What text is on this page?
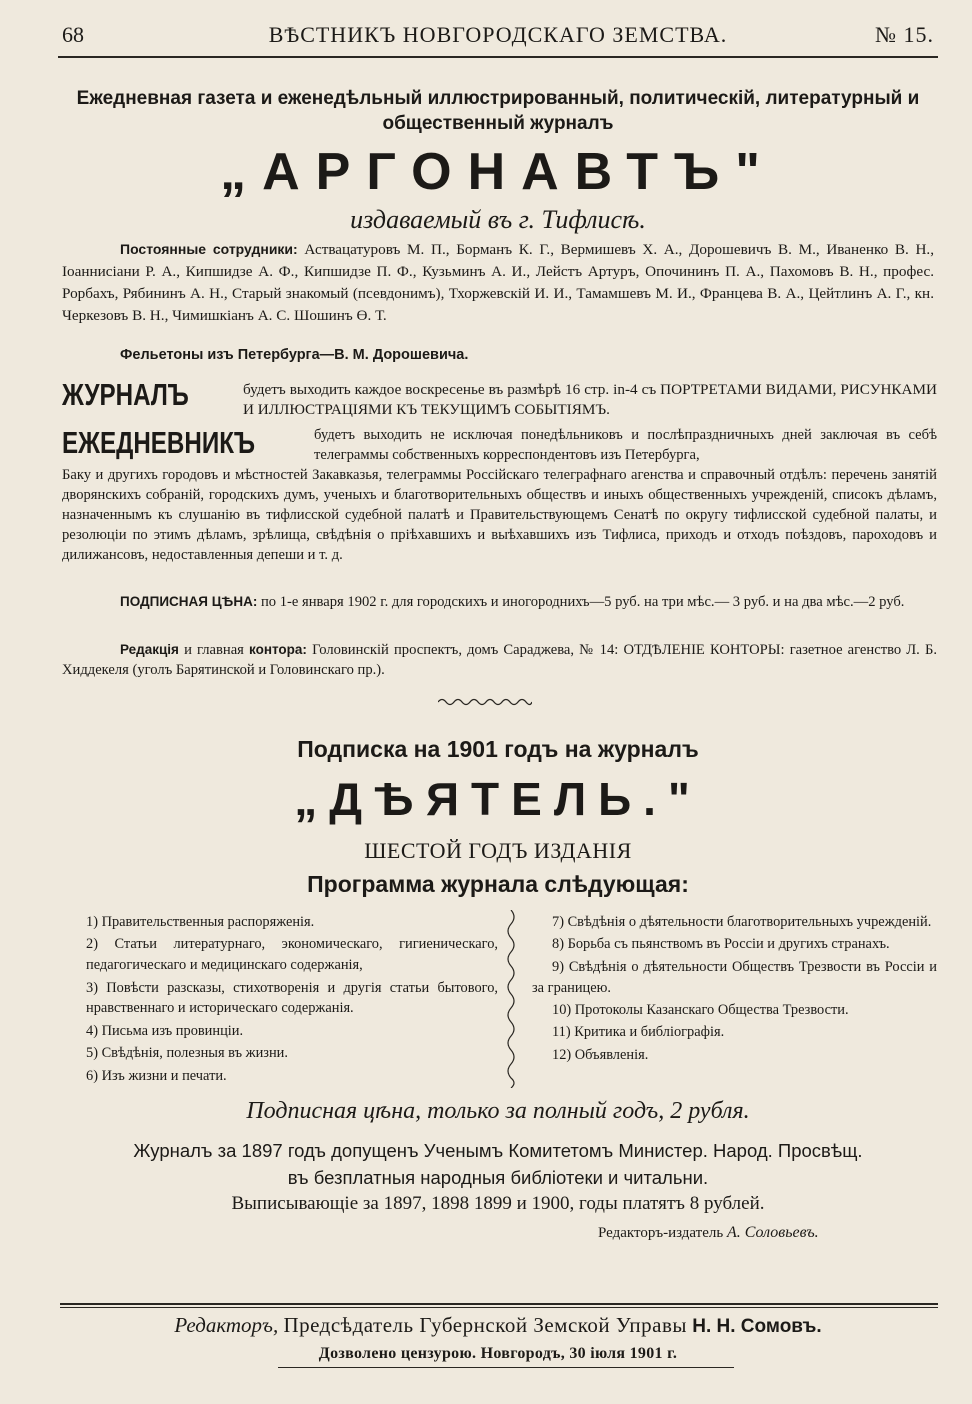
68	ВѢСТНИКЪ НОВГОРОДСКАГО ЗЕМСТВА.	№ 15.
Ежедневная газета и еженедѣльный иллюстрированный, политическій, литературный и
общественный журналъ
„АРГОНАВТЪ"
издаваемый въ г. Тифлисѣ.
Постоянные сотрудники: Аствацатуровъ М. П., Борманъ К. Г., Вермишевъ Х. А., Дорошевичъ В. М., Иваненко В. Н., Іоаннисіани Р. А., Кипшидзе А. Ф., Кипшидзе П. Ф., Кузьминъ А. И., Лейстъ Артуръ, Опочининъ П. А., Пахомовъ В. Н., профес. Рорбахъ, Рябининъ А. Н., Старый знакомый (псевдонимъ), Тхоржевскій И. И., Тамамшевъ М. И., Францева В. А., Цейтлинъ А. Г., кн. Черкезовъ В. Н., Чимишкіанъ А. С. Шошинъ Ө. Т.
Фельетоны изъ Петербурга—В. М. Дорошевича.
ЖУРНАЛЪ	будетъ выходить каждое воскресенье въ размѣрѣ 16 стр. in-4 съ ПОРТРЕТАМИ ВИДАМИ, РИСУНКАМИ И ИЛЛЮСТРАЦІЯМИ КЪ ТЕКУЩИМЪ СОБЫТІЯМЪ.
ЕЖЕДНЕВНИКЪ	будетъ выходить не исключая понедѣльниковъ и послѣпраздничныхъ дней заключая въ себѣ телеграммы собственныхъ корреспондентовъ изъ Петербурга,
Баку и другихъ городовъ и мѣстностей Закавказья, телеграммы Россійскаго телеграфнаго агенства и справочный отдѣлъ: перечень занятій дворянскихъ собраній, городскихъ думъ, ученыхъ и благотворительныхъ обществъ и иныхъ общественныхъ учрежденій, списокъ дѣламъ, назначеннымъ къ слушанію въ тифлисской судебной палатѣ и Правительствующемъ Сенатѣ по округу тифлисской судебной палаты, и резолюціи по этимъ дѣламъ, зрѣлища, свѣдѣнія о пріѣхавшихъ и выѣхавшихъ изъ Тифлиса, приходъ и отходъ поѣздовъ, пароходовъ и дилижансовъ, недоставленныя депеши и т. д.
ПОДПИСНАЯ ЦѢНА: по 1-е января 1902 г. для городскихъ и иногороднихъ—5 руб. на три мѣс.— 3 руб. и на два мѣс.—2 руб.
Редакція и главная контора: Головинскій проспектъ, домъ Сараджева, № 14: ОТДѢЛЕНІЕ КОНТОРЫ: газетное агенство Л. Б. Хиддекеля (уголъ Барятинской и Головинскаго пр.).
Подписка на 1901 годъ на журналъ
„ДѢЯТЕЛЬ."
ШЕСТОЙ ГОДЪ ИЗДАНІЯ
Программа журнала слѣдующая:
1) Правительственныя распоряженія.
2) Статьи литературнаго, экономическаго, гигиеническаго, педагогическаго и медицинскаго содержанія,
3) Повѣсти разсказы, стихотворенія и другія статьи бытового, нравственнаго и историческаго содержанія.
4) Письма изъ провинціи.
5) Свѣдѣнія, полезныя въ жизни.
6) Изъ жизни и печати.
7) Свѣдѣнія о дѣятельности благотворительныхъ учрежденій.
8) Борьба съ пьянствомъ въ Россіи и другихъ странахъ.
9) Свѣдѣнія о дѣятельности Обществъ Трезвости въ Россіи и за границею.
10) Протоколы Казанскаго Общества Трезвости.
11) Критика и библіографія.
12) Объявленія.
Подписная цѣна, только за полный годъ, 2 рубля.
Журналъ за 1897 годъ допущенъ Ученымъ Комитетомъ Министер. Народ. Просвѣщ.
въ безплатныя народныя библіотеки и читальни.
Выписывающіе за 1897, 1898 1899 и 1900, годы платятъ 8 рублей.
Редакторъ-издатель А. Соловьевъ.
Редакторъ, Предсѣдатель Губернской Земской Управы Н. Н. Сомовъ.
Дозволено цензурою. Новгородъ, 30 іюля 1901 г.
